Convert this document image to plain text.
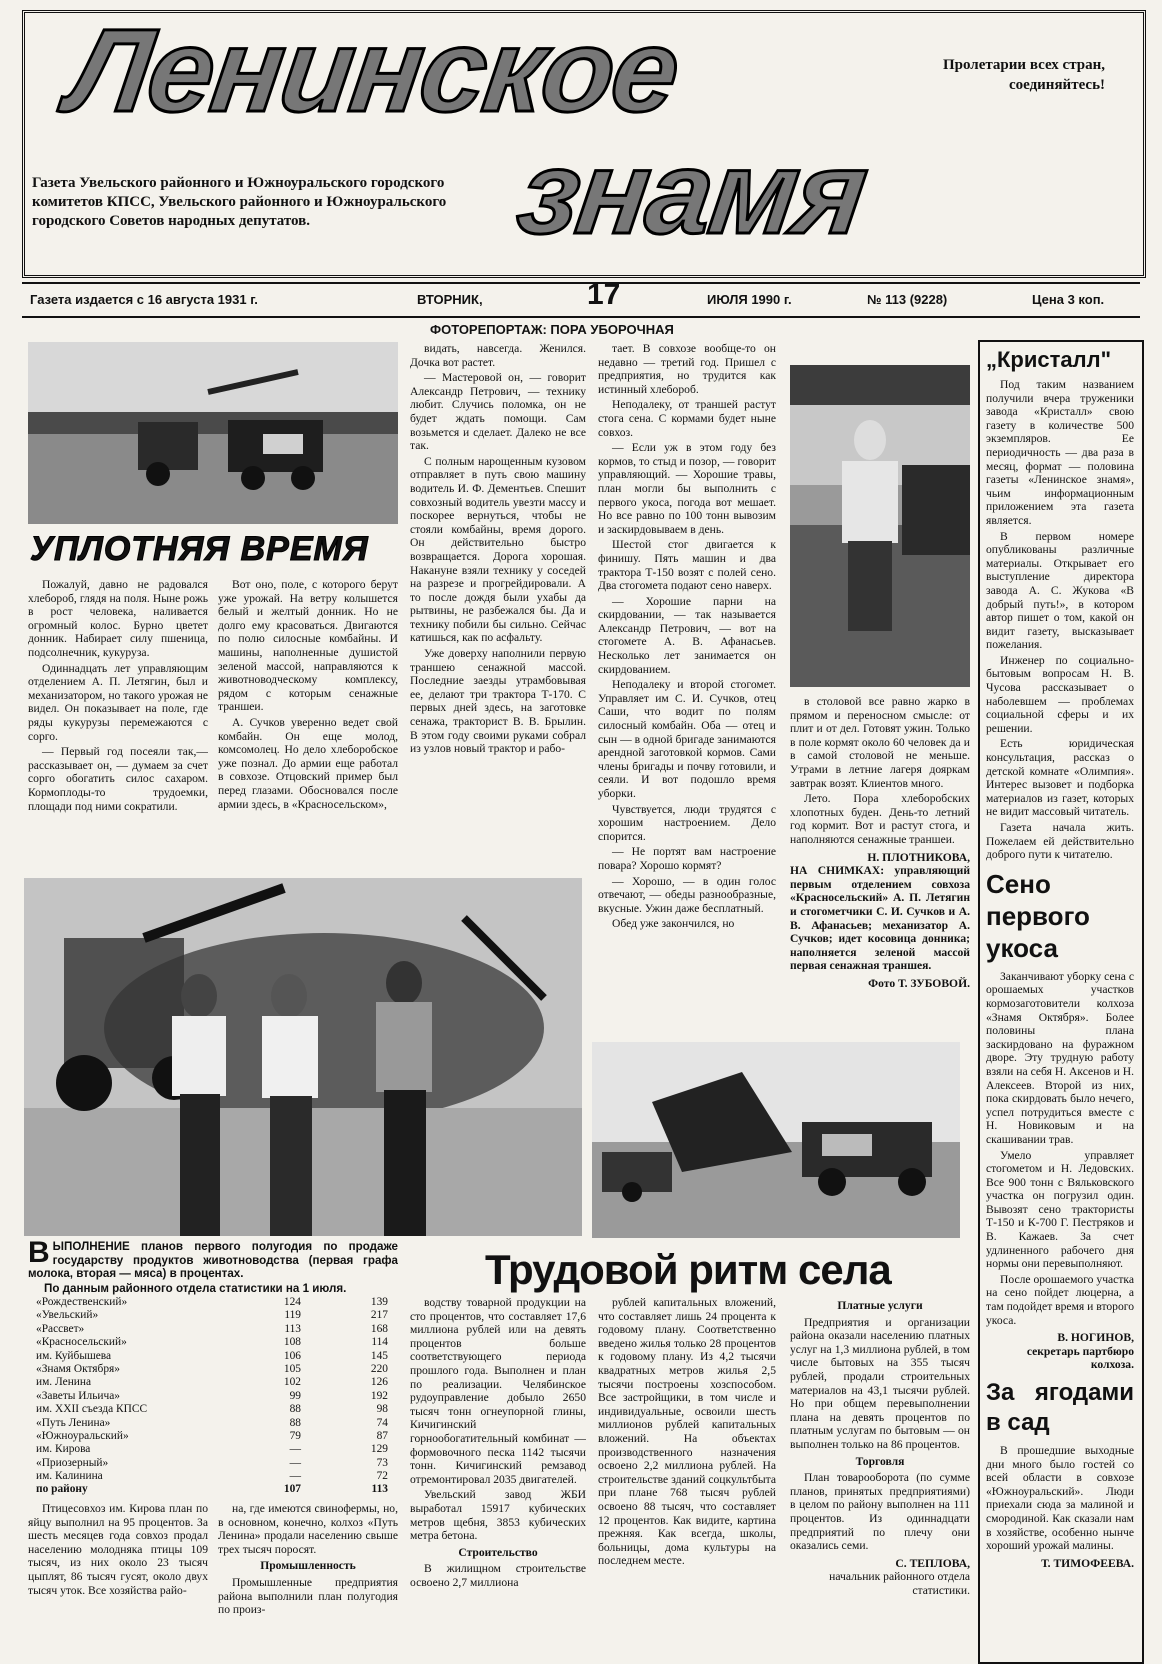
Ленинское
знамя
Пролетарии всех стран, соединяйтесь!
Газета Увельского районного и Южноуральского городского комитетов КПСС, Увельского районного и Южноуральского городского Советов народных депутатов.
Газета издается с 16 августа 1931 г.	ВТОРНИК,	17	ИЮЛЯ 1990 г.	№ 113 (9228)	Цена 3 коп.
ФОТОРЕПОРТАЖ: ПОРА УБОРОЧНАЯ
УПЛОТНЯЯ ВРЕМЯ

Пожалуй, давно не радовался хлебороб, глядя на поля. Ныне рожь в рост человека, наливается огромный колос. Бурно цветет донник. Набирает силу пшеница, подсолнечник, кукуруза.

Одиннадцать лет управляющим отделением А. П. Летягин, был и механизатором, но такого урожая не видел. Он показывает на поле, где ряды кукурузы перемежаются с сорго.

— Первый год посеяли так,— рассказывает он, — думаем за счет сорго обогатить силос сахаром. Кормоплоды-то трудоемки, площади под ними сократили.

Вот оно, поле, с которого берут уже урожай. На ветру колышется белый и желтый донник. Но не долго ему красоваться. Двигаются по полю силосные комбайны. И машины, наполненные душистой зеленой массой, направляются к животноводческому комплексу, рядом с которым сенажные траншеи.

А. Сучков уверенно ведет свой комбайн. Он еще молод, комсомолец. Но дело хлеборобское уже познал. До армии еще работал в совхозе. Отцовский пример был перед глазами. Обосновался после армии здесь, в «Красносельском»,

видать, навсегда. Женился. Дочка вот растет.

— Мастеровой он, — говорит Александр Петрович, — технику любит. Случись поломка, он не будет ждать помощи. Сам возьмется и сделает. Далеко не все так.

С полным нарощенным кузовом отправляет в путь свою машину водитель И. Ф. Дементьев. Спешит совхозный водитель увезти массу и поскорее вернуться, чтобы не стояли комбайны, время дорого. Он действительно быстро возвращается. Дорога хорошая. Накануне взяли технику у соседей на разрезе и прогрейдировали. А то после дождя были ухабы да рытвины, не разбежался бы. Да и технику побили бы сильно. Сейчас катишься, как по асфальту.

Уже доверху наполнили первую траншею сенажной массой. Последние заезды утрамбовывая ее, делают три трактора Т-170. С первых дней здесь, на заготовке сенажа, тракторист В. В. Брылин. В этом году своими руками собрал из узлов новый трактор и рабо-

тает. В совхозе вообще-то он недавно — третий год. Пришел с предприятия, но трудится как истинный хлебороб.

Неподалеку, от траншей растут стога сена. С кормами будет ныне совхоз.

— Если уж в этом году без кормов, то стыд и позор, — говорит управляющий. — Хорошие травы, план могли бы выполнить с первого укоса, погода вот мешает. Но все равно по 100 тонн вывозим и заскирдовываем в день.

Шестой стог двигается к финишу. Пять машин и два трактора Т-150 возят с полей сено. Два стогомета подают сено наверх.

— Хорошие парни на скирдовании, — так называется Александр Петрович, — вот на стогомете А. В. Афанасьев. Несколько лет занимается он скирдованием.

Неподалеку и второй стогомет. Управляет им С. И. Сучков, отец Саши, что водит по полям силосный комбайн. Оба — отец и сын — в одной бригаде занимаются арендной заготовкой кормов. Сами члены бригады и почву готовили, и сеяли. И вот подошло время уборки.

Чувствуется, люди трудятся с хорошим настроением. Дело спорится.

— Не портят вам настроение повара? Хорошо кормят?

— Хорошо, — в один голос отвечают, — обеды разнообразные, вкусные. Ужин даже бесплатный.

Обед уже закончился, но

в столовой все равно жарко в прямом и переносном смысле: от плит и от дел. Готовят ужин. Только в поле кормят около 60 человек да и в самой столовой не меньше. Утрами в летние лагеря дояркам завтрак возят. Клиентов много.

Лето. Пора хлеборобских хлопотных буден. День-то летний год кормит. Вот и растут стога, и наполняются сенажные траншеи.

Н. ПЛОТНИКОВА,

НА СНИМКАХ: управляющий первым отделением совхоза «Красносельский» А. П. Летягин и стогометчики С. И. Сучков и А. В. Афанасьев; механизатор А. Сучков; идет косовица донника; наполняется зеленой массой первая сенажная траншея.

Фото Т. ЗУБОВОЙ.
В ЫПОЛНЕНИЕ планов первого полугодия по продаже государству продуктов животноводства (первая графа молока, вторая — мяса) в процентах.
По данным районного отдела статистики на 1 июля.
«Рождественский»	124	139
«Увельский»	119	217
«Рассвет»	113	168
«Красносельский»	108	114
им. Куйбышева	106	145
«Знамя Октября»	105	220
им. Ленина	102	126
«Заветы Ильича»	99	192
им. XXII съезда КПСС	88	98
«Путь Ленина»	88	74
«Южноуральский»	79	87
им. Кирова	—	129
«Приозерный»	—	73
им. Калинина	—	72
по району	107	113
Трудовой ритм села

Птицесовхоз им. Кирова план по яйцу выполнил на 95 процентов. За шесть месяцев года совхоз продал населению молодняка птицы 109 тысяч, из них около 23 тысяч цыплят, 86 тысяч гусят, около двух тысяч уток. Все хозяйства райо-

на, где имеются свинофермы, но, в основном, конечно, колхоз «Путь Ленина» продали населению свыше трех тысяч поросят.

Промышленность

Промышленные предприятия района выполнили план полугодия по произ-

водству товарной продукции на сто процентов, что составляет 17,6 миллиона рублей или на девять процентов больше соответствующего периода прошлого года. Выполнен и план по реализации. Челябинское рудоуправление добыло 2650 тысяч тонн огнеупорной глины, Кичигинский горнообогатительный комбинат — формовочного песка 1142 тысячи тонн. Кичигинский ремзавод отремонтировал 2035 двигателей.

Увельский завод ЖБИ выработал 15917 кубических метров щебня, 3853 кубических метра бетона.

Строительство

В жилищном строительстве освоено 2,7 миллиона

рублей капитальных вложений, что составляет лишь 24 процента к годовому плану. Соответственно введено жилья только 28 процентов к годовому плану. Из 4,2 тысячи квадратных метров жилья 2,5 тысячи построены хозспособом. Все застройщики, в том числе и индивидуальные, освоили шесть миллионов рублей капитальных вложений. На объектах производственного назначения освоено 2,2 миллиона рублей. На строительстве зданий соцкультбыта при плане 768 тысяч рублей освоено 88 тысяч, что составляет 12 процентов. Как видите, картина прежняя. Как всегда, школы, больницы, дома культуры на последнем месте.

Платные услуги

Предприятия и организации района оказали населению платных услуг на 1,3 миллиона рублей, в том числе бытовых на 355 тысяч рублей, продали строительных материалов на 43,1 тысячи рублей. Но при общем перевыполнении плана на девять процентов по платным услугам по бытовым — он выполнен только на 86 процентов.

Торговля

План товарооборота (по сумме планов, принятых предприятиями) в целом по району выполнен на 111 процентов. Из одиннадцати предприятий по плечу они оказались семи.

С. ТЕПЛОВА,
начальник районного отдела статистики.
„Кристалл"

Под таким названием получили вчера труженики завода «Кристалл» свою газету в количестве 500 экземпляров. Ее периодичность — два раза в месяц, формат — половина газеты «Ленинское знамя», чьим информационным приложением эта газета является.

В первом номере опубликованы различные материалы. Открывает его выступление директора завода А. С. Жукова «В добрый путь!», в котором автор пишет о том, какой он видит газету, высказывает пожелания.

Инженер по социально-бытовым вопросам Н. В. Чусова рассказывает о наболевшем — проблемах социальной сферы и их решении.

Есть юридическая консультация, рассказ о детской комнате «Олимпия». Интерес вызовет и подборка материалов из газет, которых не видит массовый читатель.

Газета начала жить. Пожелаем ей действительно доброго пути к читателю.

Сено первого укоса

Заканчивают уборку сена с орошаемых участков кормозаготовители колхоза «Знамя Октября». Более половины плана заскирдовано на фуражном дворе. Эту трудную работу взяли на себя Н. Аксенов и Н. Алексеев. Второй из них, пока скирдовать было нечего, успел потрудиться вместе с Н. Новиковым и на скашивании трав.

Умело управляет стогометом и Н. Ледовских. Все 900 тонн с Вяльковского участка он погрузил один. Вывозят сено трактористы Т-150 и К-700 Г. Пестряков и В. Кажаев. За счет удлиненного рабочего дня нормы они перевыполняют.

После орошаемого участка на сено пойдет люцерна, а там подойдет время и второго укоса.

В. НОГИНОВ,
секретарь партбюро колхоза.
За ягодами в сад

В прошедшие выходные дни много было гостей со всей области в совхозе «Южноуральский». Люди приехали сюда за малиной и смородиной. Как сказали нам в хозяйстве, особенно нынче хороший урожай малины.

Т. ТИМОФЕЕВА.
